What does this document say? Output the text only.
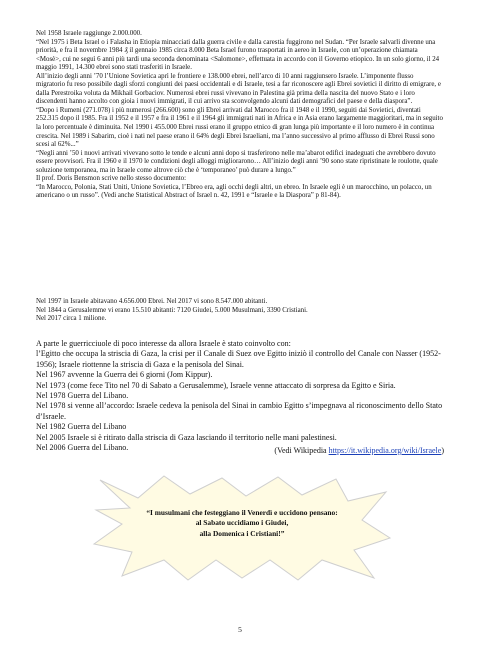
Nel 1958 Israele raggiunge 2.000.000.

“Nel 1975 i Beta Israel o i Falasha in Etiopia minacciati dalla guerra civile e dalla carestia fuggirono nel Sudan. “Per Israele salvarli divenne una priorità, e fra il novembre 1984 ₰ il gennaio 1985 circa 8.000 Beta Israel furono trasportati in aereo in Israele, con un’operazione chiamata <Mosè>, cui ne seguì 6 anni più tardi una seconda denominata <Salomone>, effettuata in accordo con il Governo etiopico. In un solo giorno, il 24 maggio 1991, 14.300 ebrei sono stati trasferiti in Israele.

All’inizio degli anni ’70 l’Unione Sovietica aprì le frontiere e 138.000 ebrei, nell’arco di 10 anni raggiunsero Israele. L’imponente flusso migratorio fu reso possibile dagli sforzi congiunti dei paesi occidentali e di Israele, tesi a far riconoscere agli Ebrei sovietici il diritto di emigrare, e dalla Perestroika voluta da Mikhail Gorbaciov. Numerosi ebrei russi vivevano in Palestina già prima della nascita del nuovo Stato e i loro discendenti hanno accolto con gioia i nuovi immigrati, il cui arrivo sta sconvolgendo alcuni dati demografici del paese e della diaspora”.

“Dopo i Rumeni (271.078) i più numerosi (266.600) sono gli Ebrei arrivati dal Marocco fra il 1948 e il 1990, seguiti dai Sovietici, diventati 252.315 dopo il 1985. Fra il 1952 e il 1957 e fra il 1961 e il 1964 gli immigrati nati in Africa e in Asia erano largamente maggioritari, ma in seguito la loro percentuale è diminuita. Nel 1990 i 455.000 Ebrei russi erano il gruppo etnico di gran lunga più importante e il loro numero è in continua crescita. Nel 1989 i Sabarim, cioè i nati nel paese erano il 64% degli Ebrei Israeliani, ma l’anno successivo al primo afflusso di Ebrei Russi sono scesi al 62%...”

“Negli anni ’50 i nuovi arrivati vivevano sotto le tende e alcuni anni dopo si trasferirono nelle ma’abarot edifici inadeguati che avrebbero dovuto essere provvisori. Fra il 1960 e il 1970 le condizioni degli alloggi migliorarono… All’inizio degli anni ’90 sono state ripristinate le roulotte, quale soluzione temporanea, ma in Israele come altrove ciò che è ‘temporaneo’ può durare a lungo.”

Il prof. Doris Bensmon scrive nello stesso documento:

“In Marocco, Polonia, Stati Uniti, Unione Sovietica, l’Ebreo era, agli occhi degli altri, un ebreo. In Israele egli è un marocchino, un polacco, un americano o un russo”. (Vedi anche Statistical Abstract of Israel n. 42, 1991 e “Israele e la Diaspora” p 81-84).

Nel 1997 in Israele abitavano 4.656.000 Ebrei. Nel 2017 vi sono 8.547.000 abitanti.

Nel 1844 a Gerusalemme vi erano 15.510 abitanti: 7120 Giudei, 5.000 Musulmani, 3390 Cristiani.

Nel 2017 circa 1 milione.

A parte le guerricciuole di poco interesse da allora Israele è stato coinvolto con:

l’Egitto che occupa la striscia di Gaza, la crisi per il Canale di Suez ove Egitto iniziò il controllo del Canale con Nasser (1952-1956); Israele riottenne la striscia di Gaza e la penisola del Sinai.

Nel 1967 avvenne la Guerra dei 6 giorni (Jom Kippur).

Nel 1973 (come fece Tito nel 70 di Sabato a Gerusalemme), Israele venne attaccato di sorpresa da Egitto e Siria.

Nel 1978 Guerra del Libano.

Nel 1978 si venne all’accordo: Israele cedeva la penisola del Sinai in cambio Egitto s’impegnava al riconoscimento dello Stato d’Israele.

Nel 1982 Guerra del Libano

Nel 2005 Israele si è ritirato dalla striscia di Gaza lasciando il territorio nelle mani palestinesi.

Nel 2006 Guerra del Libano.	(Vedi Wikipedia https://it.wikipedia.org/wiki/Israele)

“I musulmani che festeggiano il Venerdì e uccidono pensano:

al Sabato uccidiamo i Giudei,

alla Domenica i Cristiani!”

5
